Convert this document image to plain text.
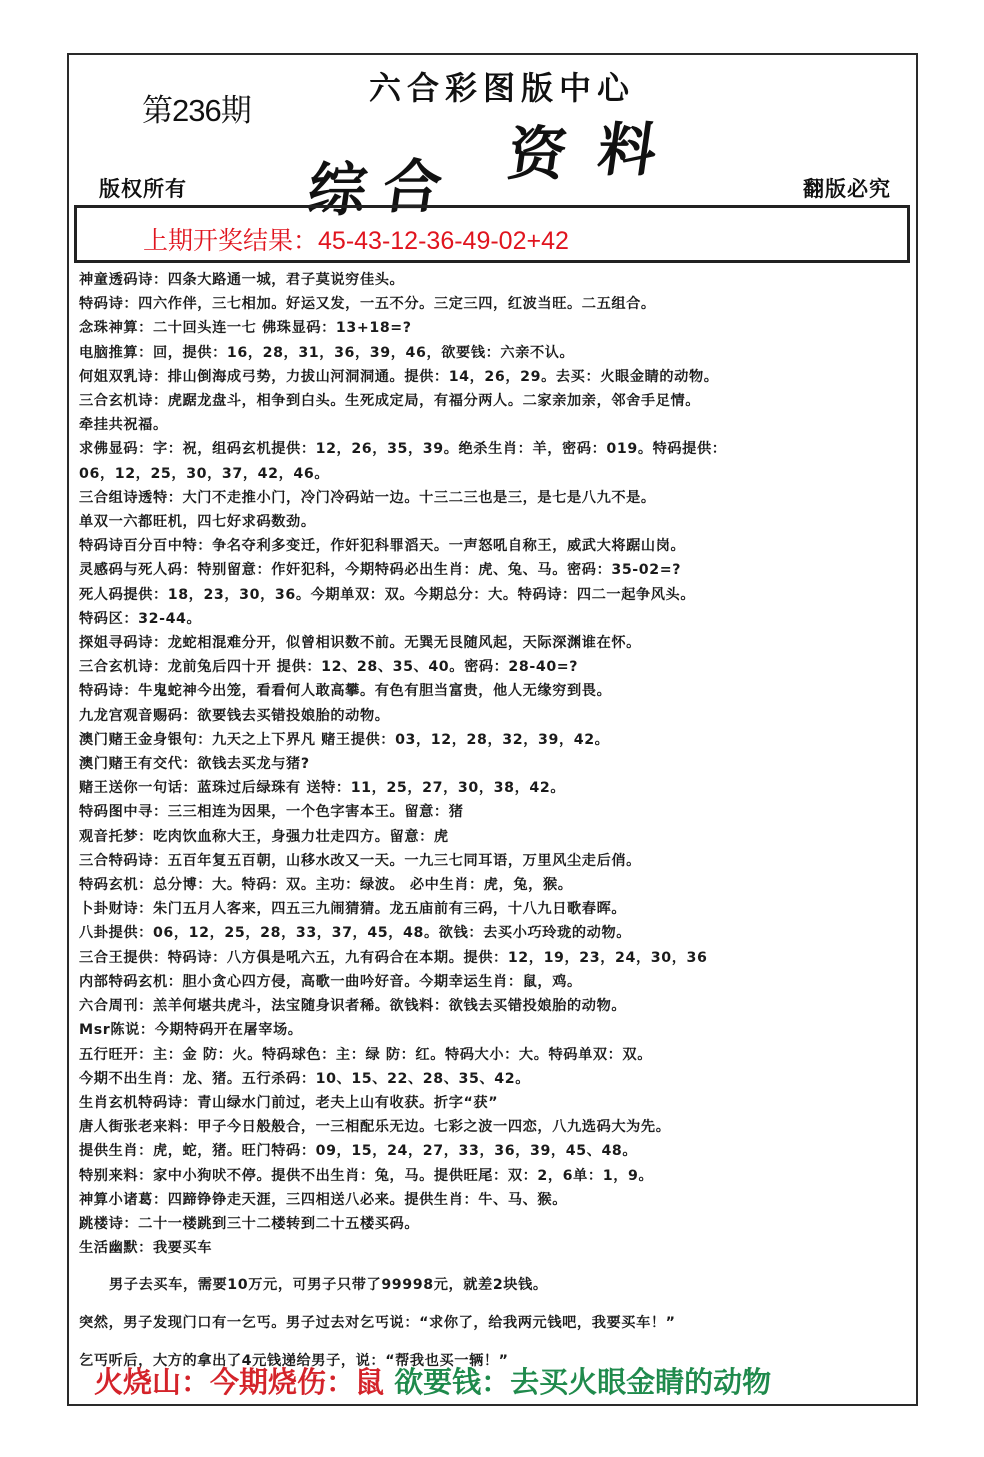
第236期
六合彩图版中心
综 合 资 料
版权所有	翻版必究
上期开奖结果：45-43-12-36-49-02+42
神童透码诗：四条大路通一城，君子莫说穷佳头。
特码诗：四六作伴，三七相加。好运又发，一五不分。三定三四，红波当旺。二五组合。
念珠神算：二十回头连一七 佛珠显码：13+18=?
电脑推算：回，提供：16，28，31，36，39，46，欲要钱：六亲不认。
何姐双乳诗：排山倒海成弓势，力拔山河洞洞通。提供：14，26，29。去买：火眼金睛的动物。
三合玄机诗：虎踞龙盘斗，相争到白头。生死成定局，有福分两人。二家亲加亲，邻舍手足情。
牵挂共祝福。
求佛显码：字：祝，组码玄机提供：12，26，35，39。绝杀生肖：羊，密码：019。特码提供：
06，12，25，30，37，42，46。
三合组诗透特：大门不走推小门，冷门冷码站一边。十三二三也是三，是七是八九不是。
单双一六都旺机，四七好求码数劲。
特码诗百分百中特：争名夺利多变迁，作奸犯科罪滔天。一声怒吼自称王，威武大将踞山岗。
灵感码与死人码：特别留意：作奸犯科，今期特码必出生肖：虎、兔、马。密码：35-02=?
死人码提供：18，23，30，36。今期单双：双。今期总分：大。特码诗：四二一起争风头。
特码区：32-44。
探姐寻码诗：龙蛇相混难分开，似曾相识数不前。无巽无艮随风起，天际深渊谁在怀。
三合玄机诗：龙前兔后四十开 提供：12、28、35、40。密码：28-40=?
特码诗：牛鬼蛇神今出笼，看看何人敢高攀。有色有胆当富贵，他人无缘穷到畏。
九龙宫观音赐码：欲要钱去买错投娘胎的动物。
澳门赌王金身银句：九天之上下界凡 赌王提供：03，12，28，32，39，42。
澳门赌王有交代：欲钱去买龙与猪?
赌王送你一句话：蓝珠过后绿珠有 送特：11，25，27，30，38，42。
特码图中寻：三三相连为因果，一个色字害本王。留意：猪
观音托梦：吃肉饮血称大王，身强力壮走四方。留意：虎
三合特码诗：五百年复五百朝，山移水改又一天。一九三七同耳语，万里风尘走后俏。
特码玄机：总分博：大。特码：双。主功：绿波。 必中生肖：虎，兔，猴。
卜卦财诗：朱门五月人客来，四五三九闹猜猜。龙五庙前有三码，十八九日歌春晖。
八卦提供：06，12，25，28，33，37，45，48。欲钱：去买小巧玲珑的动物。
三合王提供：特码诗：八方俱是吼六五，九有码合在本期。提供：12，19，23，24，30，36
内部特码玄机：胆小贪心四方侵，高歌一曲吟好音。今期幸运生肖：鼠，鸡。
六合周刊：羔羊何堪共虎斗，法宝随身识者稀。欲钱料：欲钱去买错投娘胎的动物。
Msr陈说：今期特码开在屠宰场。
五行旺开：主：金 防：火。特码球色：主：绿 防：红。特码大小：大。特码单双：双。
今期不出生肖：龙、猪。五行杀码：10、15、22、28、35、42。
生肖玄机特码诗：青山绿水门前过，老夫上山有收获。折字“获”
唐人街张老来料：甲子今日般般合，一三相配乐无边。七彩之波一四恋，八九选码大为先。
提供生肖：虎，蛇，猪。旺门特码：09，15，24，27，33，36，39，45、48。
特别来料：家中小狗吠不停。提供不出生肖：兔，马。提供旺尾：双：2，6单：1，9。
神算小诸葛：四蹄铮铮走天涯，三四相送八必来。提供生肖：牛、马、猴。
跳楼诗：二十一楼跳到三十二楼转到二十五楼买码。
生活幽默：我要买车
男子去买车，需要10万元，可男子只带了99998元，就差2块钱。
突然，男子发现门口有一乞丐。男子过去对乞丐说：“求你了，给我两元钱吧，我要买车！”
乞丐听后，大方的拿出了4元钱递给男子，说：“帮我也买一辆！”
火烧山：今期烧伤：鼠 欲要钱：去买火眼金睛的动物
